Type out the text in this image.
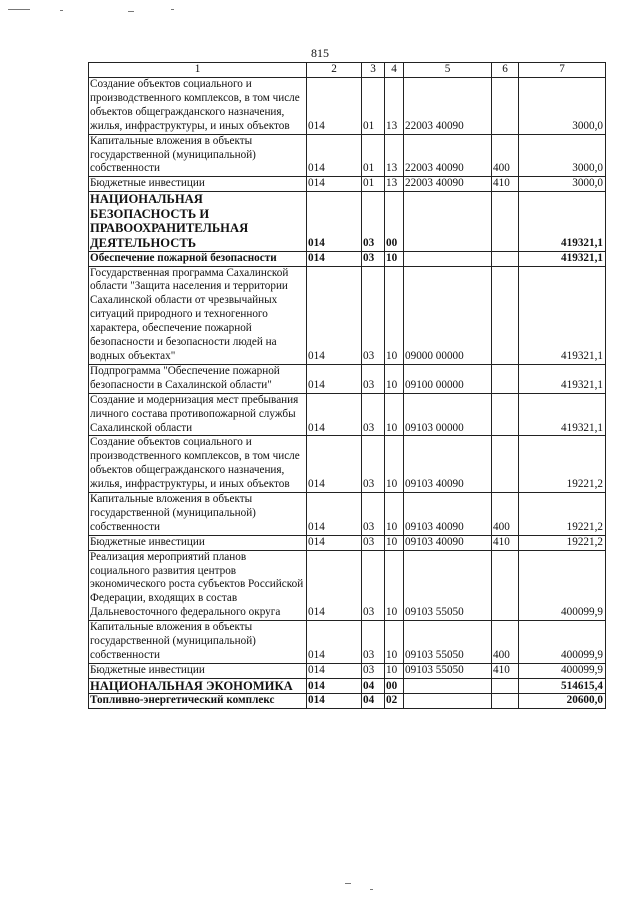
815
1	2	3	4	5	6	7
Создание объектов социального и производственного комплексов, в том числе объектов общегражданского назначения, жилья, инфраструктуры, и иных объектов	014	01	13	22003 40090		3000,0
Капитальные вложения в объекты государственной (муниципальной) собственности	014	01	13	22003 40090	400	3000,0
Бюджетные инвестиции	014	01	13	22003 40090	410	3000,0
НАЦИОНАЛЬНАЯ БЕЗОПАСНОСТЬ И ПРАВООХРАНИТЕЛЬНАЯ ДЕЯТЕЛЬНОСТЬ	014	03	00			419321,1
Обеспечение пожарной безопасности	014	03	10			419321,1
Государственная программа Сахалинской области "Защита населения и территории Сахалинской области от чрезвычайных ситуаций природного и техногенного характера, обеспечение пожарной безопасности и безопасности людей на водных объектах"	014	03	10	09000 00000		419321,1
Подпрограмма "Обеспечение пожарной безопасности в Сахалинской области"	014	03	10	09100 00000		419321,1
Создание и модернизация мест пребывания личного состава противопожарной службы Сахалинской области	014	03	10	09103 00000		419321,1
Создание объектов социального и производственного комплексов, в том числе объектов общегражданского назначения, жилья, инфраструктуры, и иных объектов	014	03	10	09103 40090		19221,2
Капитальные вложения в объекты государственной (муниципальной) собственности	014	03	10	09103 40090	400	19221,2
Бюджетные инвестиции	014	03	10	09103 40090	410	19221,2
Реализация мероприятий планов социального развития центров экономического роста субъектов Российской Федерации, входящих в состав Дальневосточного федерального округа	014	03	10	09103 55050		400099,9
Капитальные вложения в объекты государственной (муниципальной) собственности	014	03	10	09103 55050	400	400099,9
Бюджетные инвестиции	014	03	10	09103 55050	410	400099,9
НАЦИОНАЛЬНАЯ ЭКОНОМИКА	014	04	00			514615,4
Топливно-энергетический комплекс	014	04	02			20600,0
